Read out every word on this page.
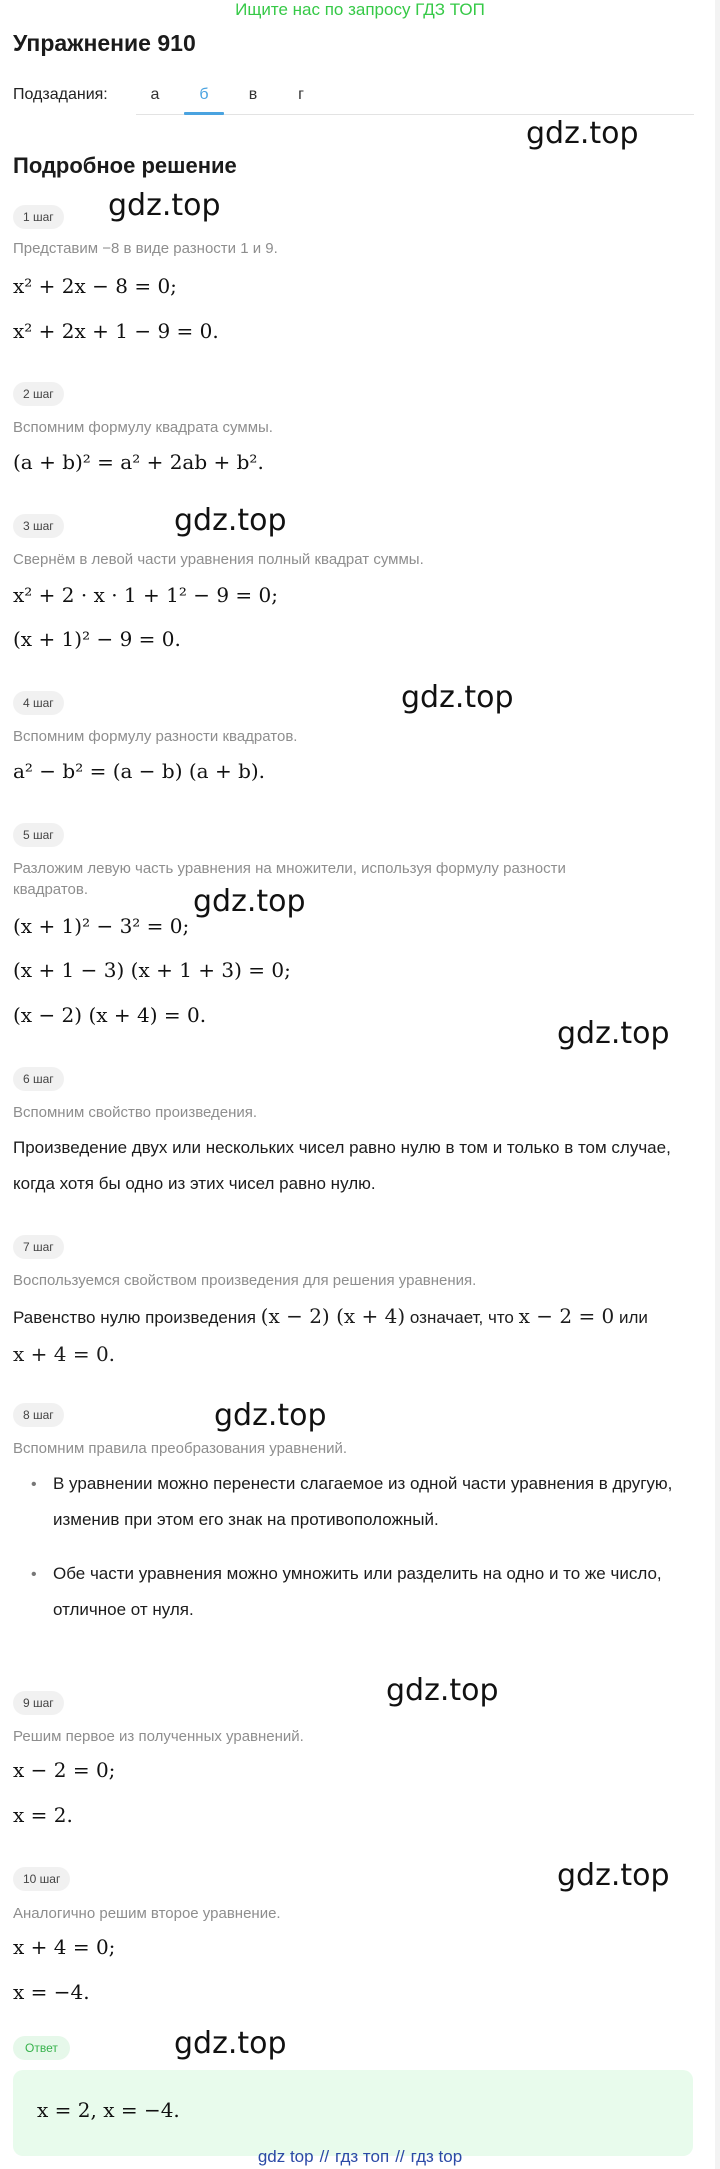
Ищите нас по запросу ГДЗ ТОП
Упражнение 910
Подзадания:	а	б	в	г
Подробное решение
gdz.top
gdz.top
gdz.top
gdz.top
gdz.top
gdz.top
gdz.top
gdz.top
gdz.top
gdz.top
1 шаг
Представим −8 в виде разности 1 и 9.
x² + 2x − 8 = 0;
x² + 2x + 1 − 9 = 0.
2 шаг
Вспомним формулу квадрата суммы.
(a + b)² = a² + 2ab + b².
3 шаг
Свернём в левой части уравнения полный квадрат суммы.
x² + 2 · x · 1 + 1² − 9 = 0;
(x + 1)² − 9 = 0.
4 шаг
Вспомним формулу разности квадратов.
a² − b² = (a − b) (a + b).
5 шаг
Разложим левую часть уравнения на множители, используя формулу разности квадратов.
(x + 1)² − 3² = 0;
(x + 1 − 3) (x + 1 + 3) = 0;
(x − 2) (x + 4) = 0.
6 шаг
Вспомним свойство произведения.
Произведение двух или нескольких чисел равно нулю в том и только в том случае, когда хотя бы одно из этих чисел равно нулю.
7 шаг
Воспользуемся свойством произведения для решения уравнения.
Равенство нулю произведения (x − 2) (x + 4) означает, что x − 2 = 0 или
x + 4 = 0.
8 шаг
Вспомним правила преобразования уравнений.
• В уравнении можно перенести слагаемое из одной части уравнения в другую, изменив при этом его знак на противоположный.
• Обе части уравнения можно умножить или разделить на одно и то же число, отличное от нуля.
9 шаг
Решим первое из полученных уравнений.
x − 2 = 0;
x = 2.
10 шаг
Аналогично решим второе уравнение.
x + 4 = 0;
x = −4.
Ответ
x = 2, x = −4.
gdz top // гдз топ // гдз top
